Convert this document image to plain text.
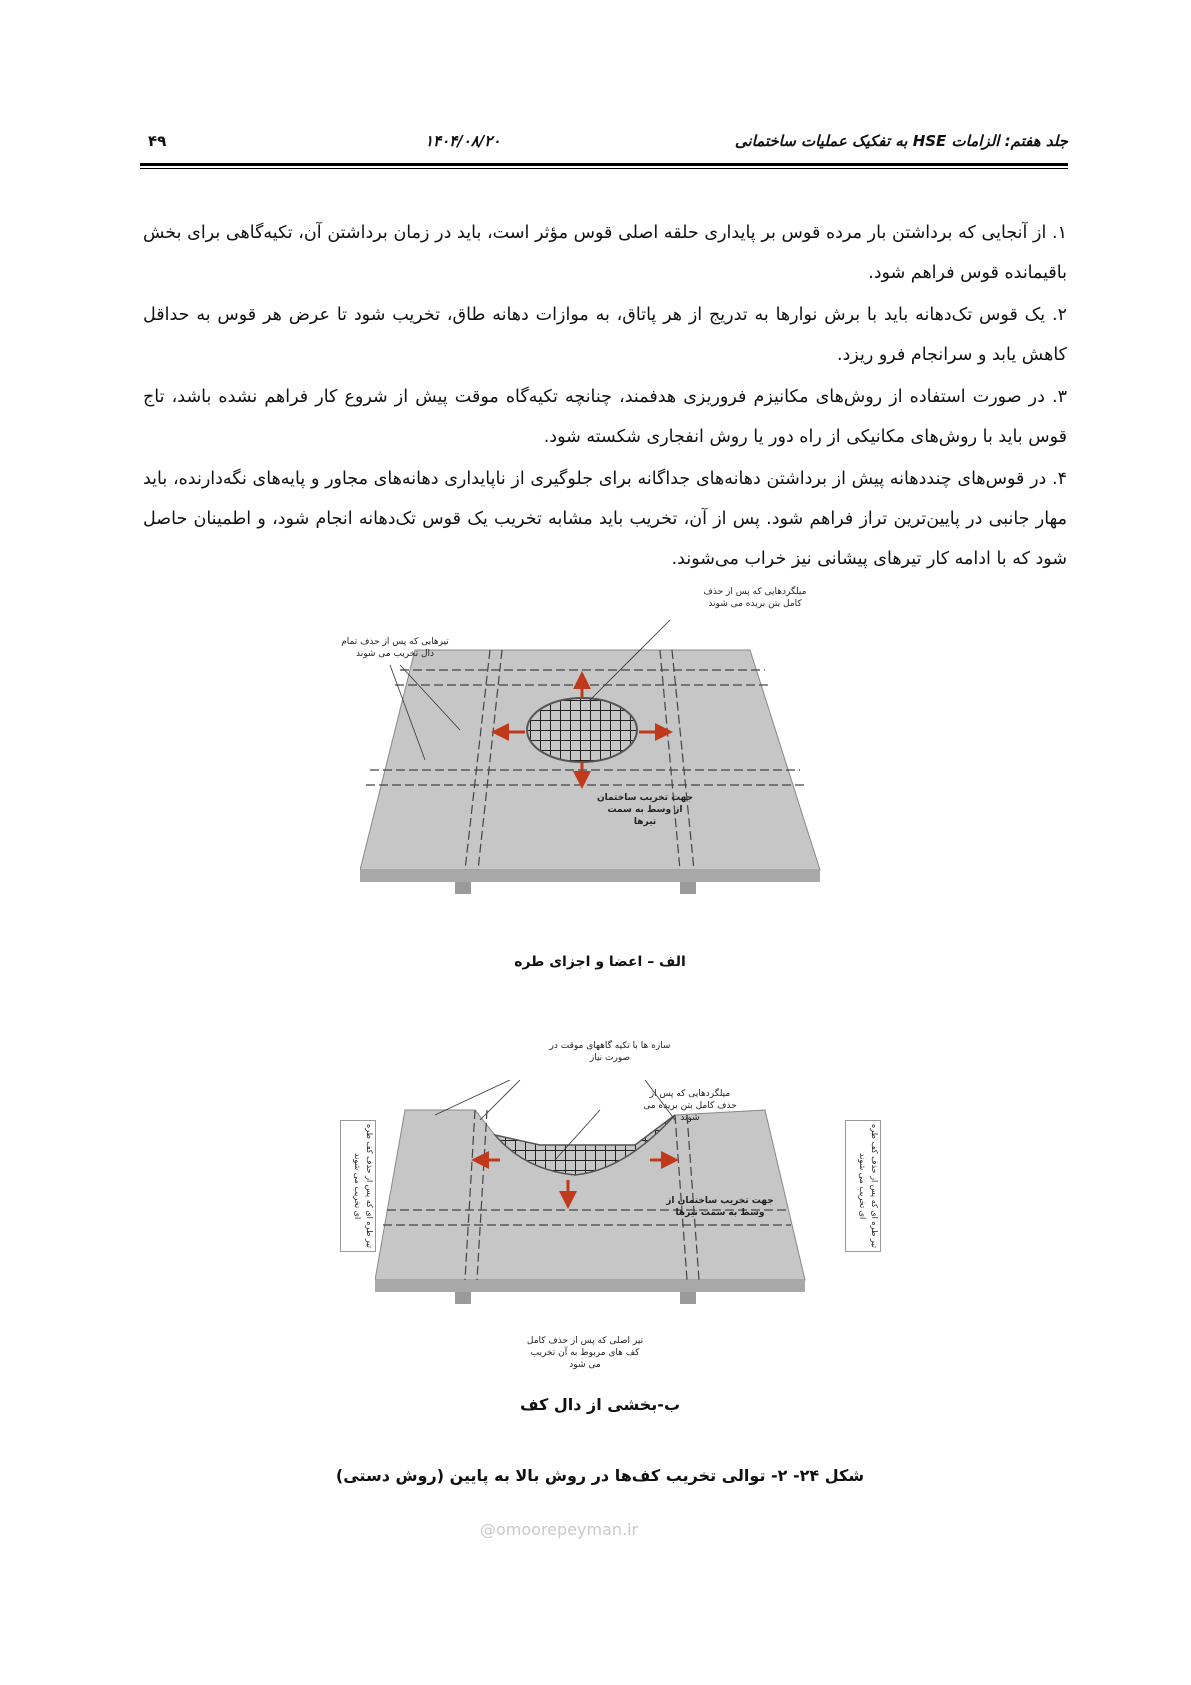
۴۹	۱۴۰۴/۰۸/۲۰	جلد هفتم: الزامات HSE به تفکیک عملیات ساختمانی

۱. از آنجایی که برداشتن بار مرده قوس بر پایداری حلقه اصلی قوس مؤثر است، باید در زمان برداشتن آن، تکیه‌گاهی برای بخش باقیمانده قوس فراهم شود.

۲. یک قوس تک‌دهانه باید با برش نوارها به تدریج از هر پاتاق، به موازات دهانه طاق، تخریب شود تا عرض هر قوس به حداقل کاهش یابد و سرانجام فرو ریزد.

۳. در صورت استفاده از روش‌های مکانیزم فروریزی هدفمند، چنانچه تکیه‌گاه موقت پیش از شروع کار فراهم نشده باشد، تاج قوس باید با روش‌های مکانیکی از راه دور یا روش انفجاری شکسته شود.

۴. در قوس‌های چنددهانه پیش از برداشتن دهانه‌های جداگانه برای جلوگیری از ناپایداری دهانه‌های مجاور و پایه‌های نگه‌دارنده، باید مهار جانبی در پایین‌ترین تراز فراهم شود. پس از آن، تخریب باید مشابه تخریب یک قوس تک‌دهانه انجام شود، و اطمینان حاصل شود که با ادامه کار تیرهای پیشانی نیز خراب می‌شوند.

میلگردهایی که پس از حذف کامل بتن بریده می شوند
تیرهایی که پس از حذف تمام دال تخریب می شوند
جهت تخریب ساختمان از وسط به سمت تیرها
الف – اعضا و اجزای طره
سازه ها با تکیه گاههای موقت در صورت نیاز
میلگردهایی که پس از حذف کامل بتن بریده می شوند
جهت تخریب ساختمان از وسط به سمت تیرها
تیر طره ای که پس از حذف کف طره ای تخریب می شوند	تیر طره ای که پس از حذف کف طره ای تخریب می شوند
تیر اصلی که پس از حذف کامل کف های مربوط به آن تخریب می شود
ب-بخشی از دال کف
شکل ۲۴- ۲- توالی تخریب کف‌ها در روش بالا به پایین (روش دستی)
@omoorepeyman.ir
